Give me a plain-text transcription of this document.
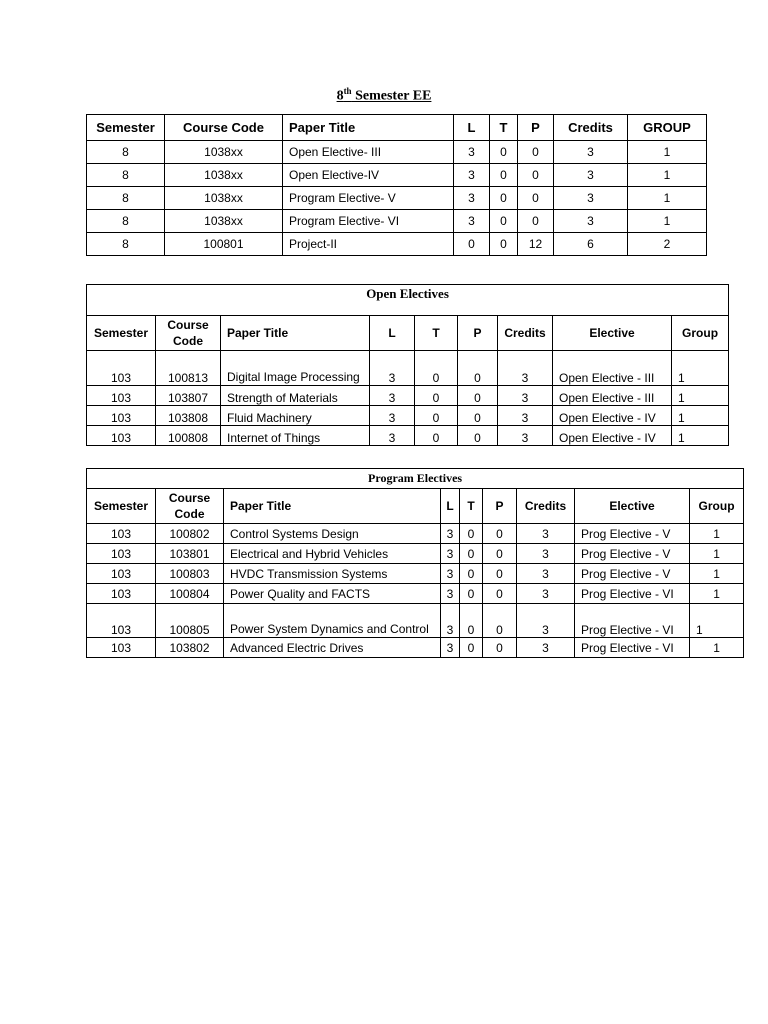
8th Semester EE
Semester	Course Code	Paper Title	L	T	P	Credits	GROUP
8	1038xx	Open Elective- III	3	0	0	3	1
8	1038xx	Open Elective-IV	3	0	0	3	1
8	1038xx	Program Elective- V	3	0	0	3	1
8	1038xx	Program Elective- VI	3	0	0	3	1
8	100801	Project-II	0	0	12	6	2
Open Electives								
Semester	Course Code	Paper Title	L	T	P	Credits	Elective	Group
103	100813	Digital Image Processing	3	0	0	3	Open Elective - III	1
103	103807	Strength of Materials	3	0	0	3	Open Elective - III	1
103	103808	Fluid Machinery	3	0	0	3	Open Elective - IV	1
103	100808	Internet of Things	3	0	0	3	Open Elective - IV	1
Program Electives								
Semester	Course Code	Paper Title	L	T	P	Credits	Elective	Group
103	100802	Control Systems Design	3	0	0	3	Prog Elective - V	1
103	103801	Electrical and Hybrid Vehicles	3	0	0	3	Prog Elective - V	1
103	100803	HVDC Transmission Systems	3	0	0	3	Prog Elective - V	1
103	100804	Power Quality and FACTS	3	0	0	3	Prog Elective - VI	1
103	100805	Power System Dynamics and Control	3	0	0	3	Prog Elective - VI	1
103	103802	Advanced Electric Drives	3	0	0	3	Prog Elective - VI	1
